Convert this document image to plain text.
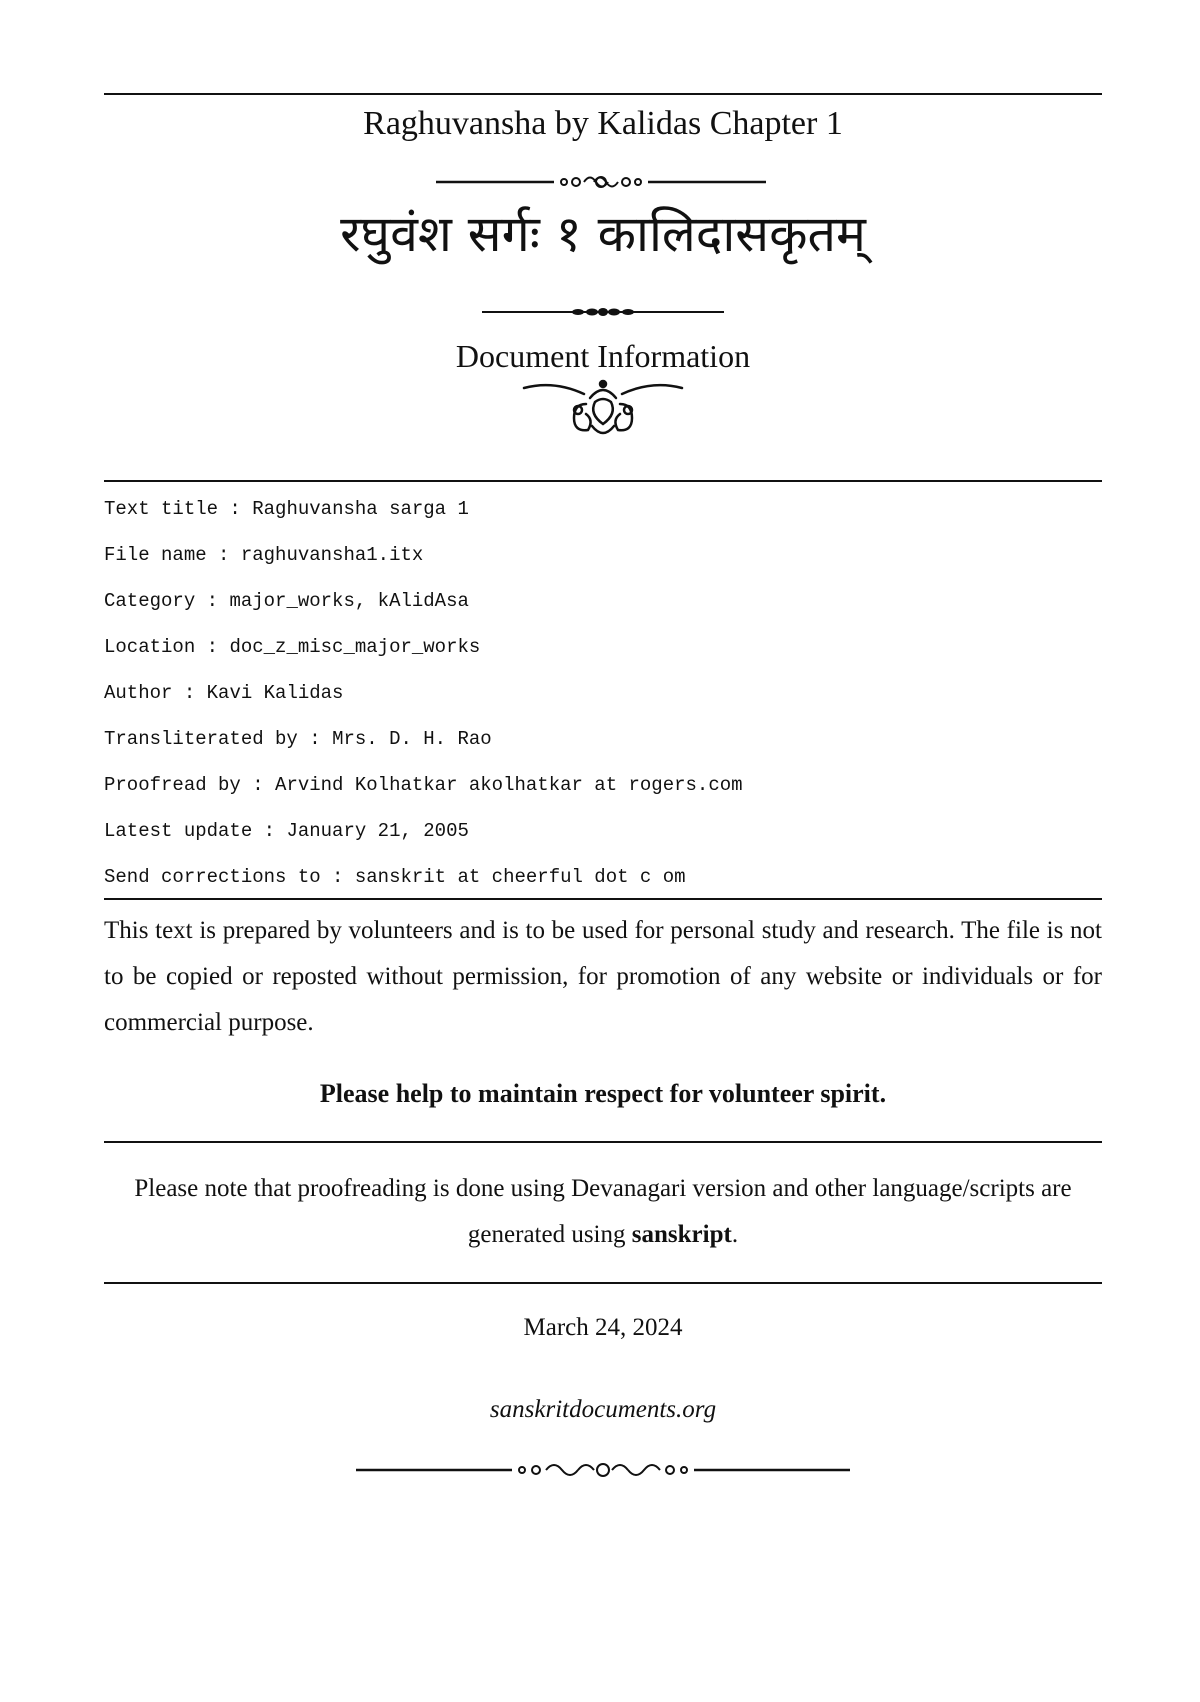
Raghuvansha by Kalidas Chapter 1
रघुवंश सर्गः १ कालिदासकृतम्
Document Information
Text title : Raghuvansha sarga 1
File name : raghuvansha1.itx
Category : major_works, kAlidAsa
Location : doc_z_misc_major_works
Author : Kavi Kalidas
Transliterated by : Mrs. D. H. Rao
Proofread by : Arvind Kolhatkar akolhatkar at rogers.com
Latest update : January 21, 2005
Send corrections to : sanskrit at cheerful dot c om

This text is prepared by volunteers and is to be used for personal study and research. The file is not to be copied or reposted without permission, for promotion of any website or individuals or for commercial purpose.

Please help to maintain respect for volunteer spirit.

Please note that proofreading is done using Devanagari version and other language/scripts are generated using sanskript.

March 24, 2024
sanskritdocuments.org
